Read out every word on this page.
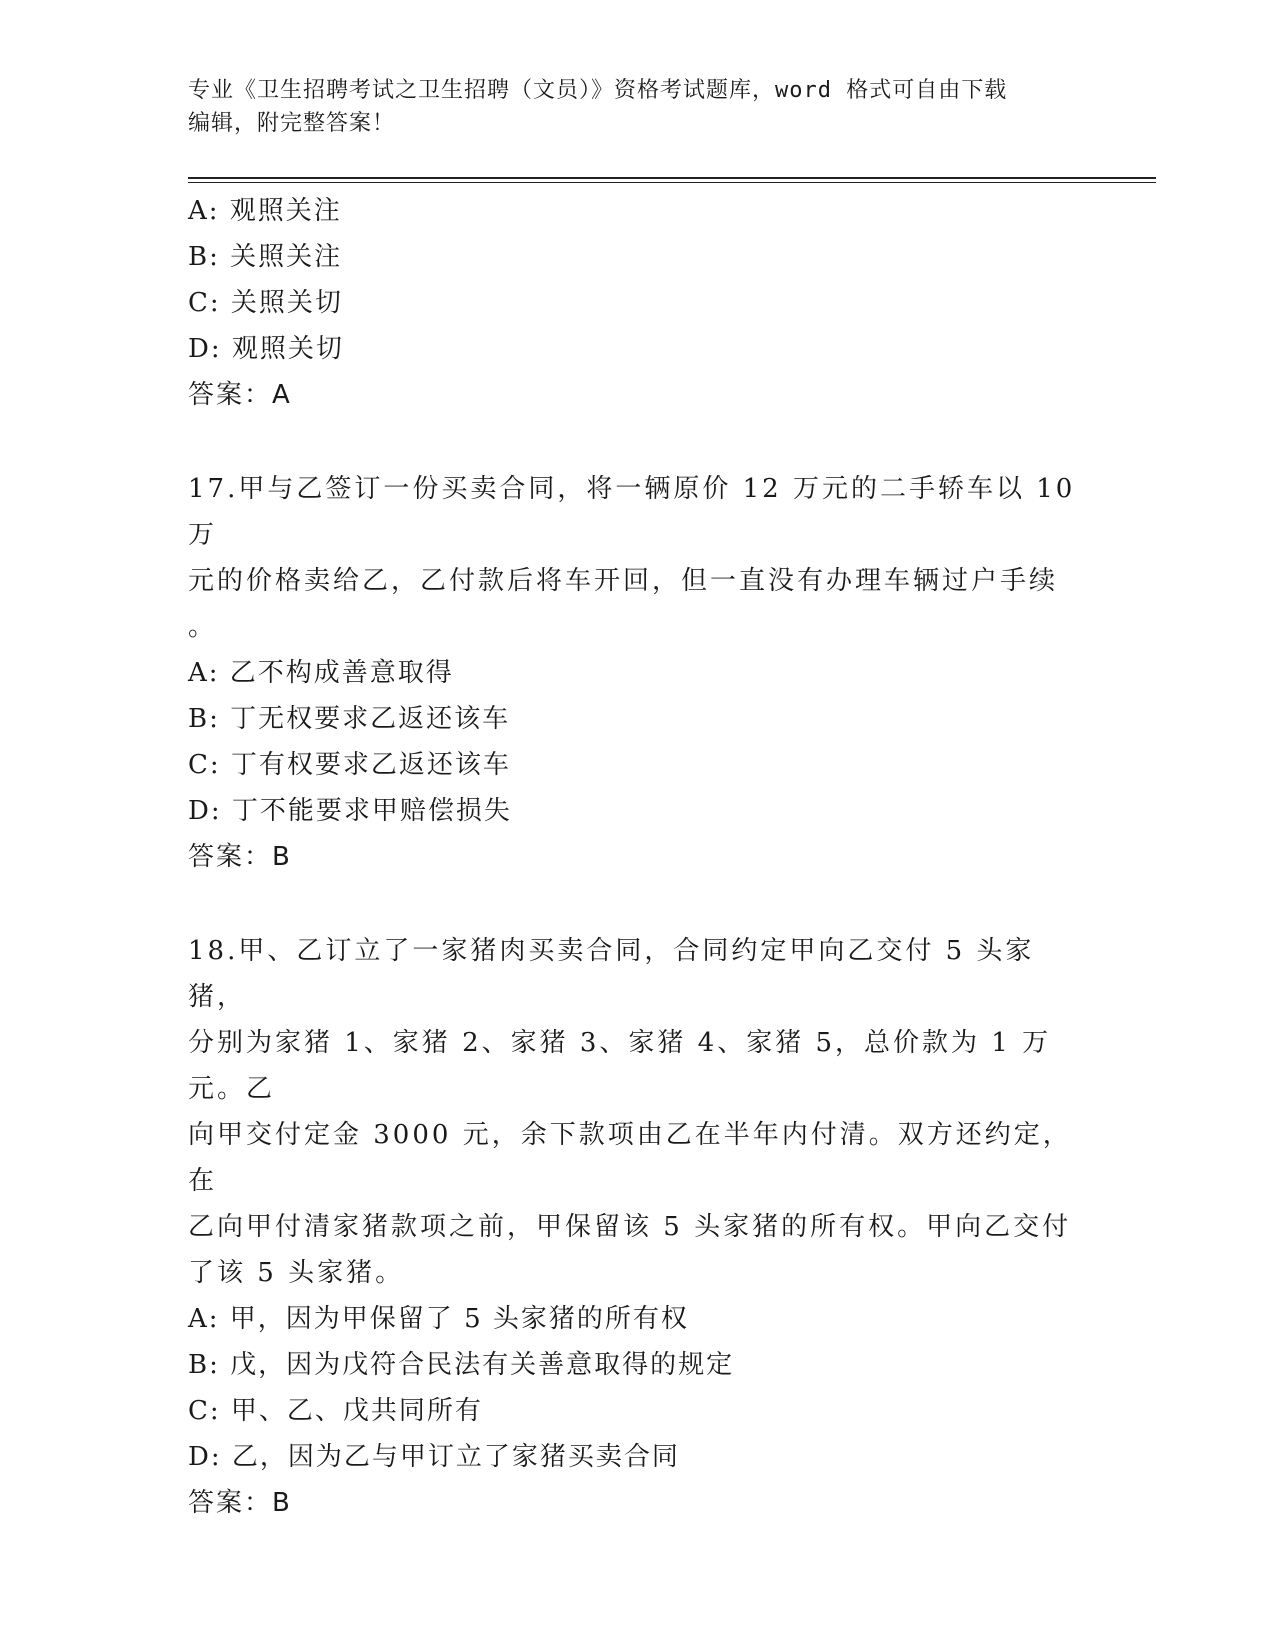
专业《卫生招聘考试之卫生招聘（文员）》资格考试题库，word 格式可自由下载
编辑，附完整答案！
A: 观照关注
B: 关照关注
C: 关照关切
D: 观照关切
答案：A
17.甲与乙签订一份买卖合同，将一辆原价 12 万元的二手轿车以 10 万
元的价格卖给乙，乙付款后将车开回，但一直没有办理车辆过户手续
。
A: 乙不构成善意取得
B: 丁无权要求乙返还该车
C: 丁有权要求乙返还该车
D: 丁不能要求甲赔偿损失
答案：B
18.甲、乙订立了一家猪肉买卖合同，合同约定甲向乙交付 5 头家猪，
分别为家猪 1、家猪 2、家猪 3、家猪 4、家猪 5，总价款为 1 万元。乙
向甲交付定金 3000 元，余下款项由乙在半年内付清。双方还约定，在
乙向甲付清家猪款项之前，甲保留该 5 头家猪的所有权。甲向乙交付
了该 5 头家猪。
A: 甲，因为甲保留了 5 头家猪的所有权
B: 戊，因为戊符合民法有关善意取得的规定
C: 甲、乙、戊共同所有
D: 乙，因为乙与甲订立了家猪买卖合同
答案：B
